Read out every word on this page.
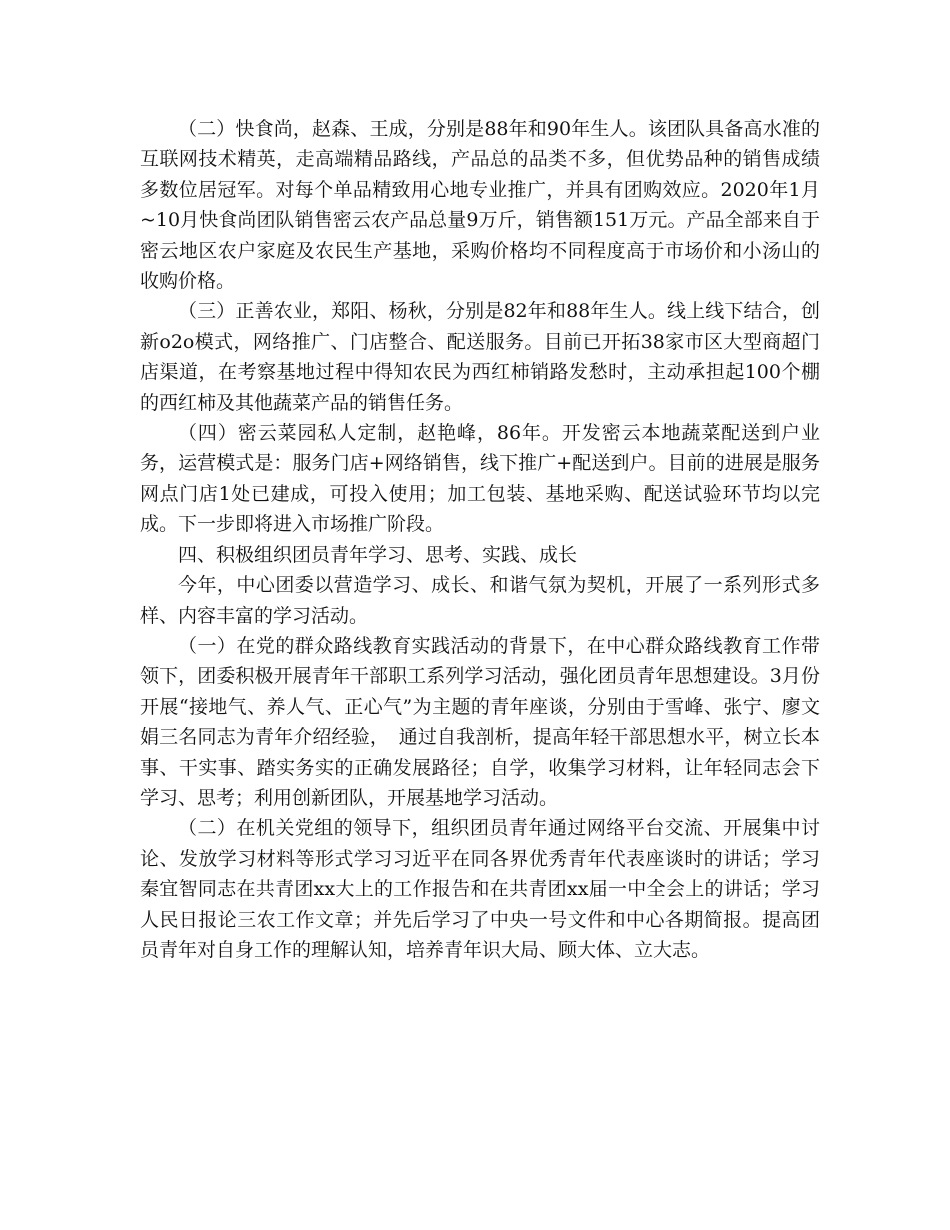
（二）快食尚，赵森、王成，分别是88年和90年生人。该团队具备高水准的互联网技术精英，走高端精品路线，产品总的品类不多，但优势品种的销售成绩多数位居冠军。对每个单品精致用心地专业推广，并具有团购效应。2020年1月~10月快食尚团队销售密云农产品总量9万斤，销售额151万元。产品全部来自于密云地区农户家庭及农民生产基地，采购价格均不同程度高于市场价和小汤山的收购价格。

（三）正善农业，郑阳、杨秋，分别是82年和88年生人。线上线下结合，创新o2o模式，网络推广、门店整合、配送服务。目前已开拓38家市区大型商超门店渠道，在考察基地过程中得知农民为西红柿销路发愁时，主动承担起100个棚的西红柿及其他蔬菜产品的销售任务。

（四）密云菜园私人定制，赵艳峰，86年。开发密云本地蔬菜配送到户业务，运营模式是：服务门店+网络销售，线下推广+配送到户。目前的进展是服务网点门店1处已建成，可投入使用；加工包装、基地采购、配送试验环节均以完成。下一步即将进入市场推广阶段。

四、积极组织团员青年学习、思考、实践、成长

今年，中心团委以营造学习、成长、和谐气氛为契机，开展了一系列形式多样、内容丰富的学习活动。

（一）在党的群众路线教育实践活动的背景下，在中心群众路线教育工作带领下，团委积极开展青年干部职工系列学习活动，强化团员青年思想建设。3月份开展“接地气、养人气、正心气”为主题的青年座谈，分别由于雪峰、张宁、廖文娟三名同志为青年介绍经验，　通过自我剖析，提高年轻干部思想水平，树立长本事、干实事、踏实务实的正确发展路径；自学，收集学习材料，让年轻同志会下学习、思考；利用创新团队，开展基地学习活动。

（二）在机关党组的领导下，组织团员青年通过网络平台交流、开展集中讨论、发放学习材料等形式学习习近平在同各界优秀青年代表座谈时的讲话；学习秦宜智同志在共青团xx大上的工作报告和在共青团xx届一中全会上的讲话；学习人民日报论三农工作文章；并先后学习了中央一号文件和中心各期简报。提高团员青年对自身工作的理解认知，培养青年识大局、顾大体、立大志。
